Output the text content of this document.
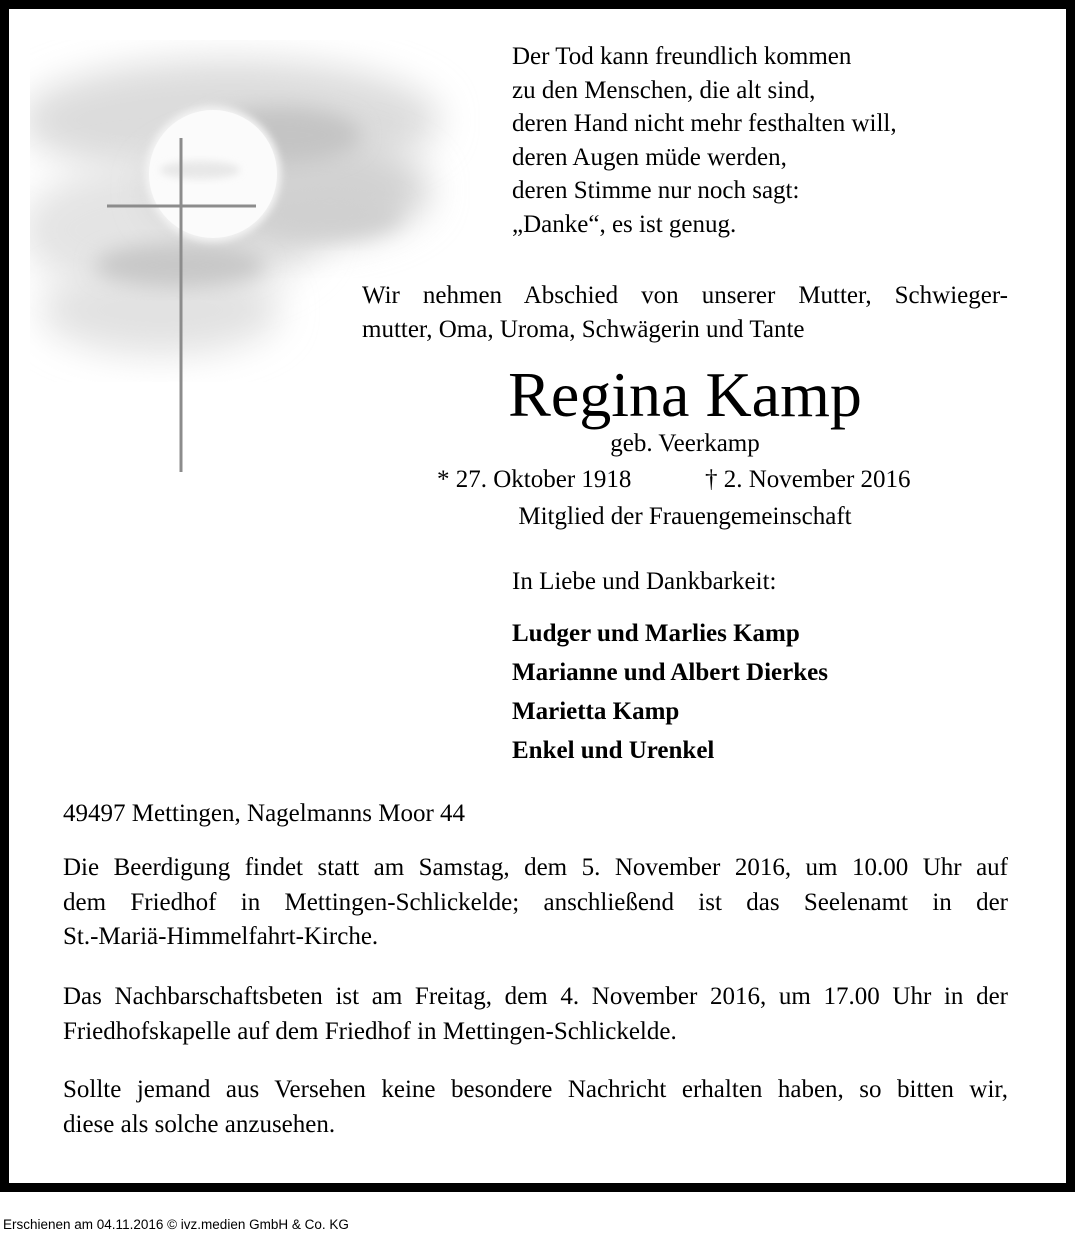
Der Tod kann freundlich kommen
zu den Menschen, die alt sind,
deren Hand nicht mehr festhalten will,
deren Augen müde werden,
deren Stimme nur noch sagt:
„Danke“, es ist genug.
Wir nehmen Abschied von unserer Mutter, Schwieger-
mutter, Oma, Uroma, Schwägerin und Tante
Regina Kamp
geb. Veerkamp
* 27. Oktober 1918	† 2. November 2016
Mitglied der Frauengemeinschaft
In Liebe und Dankbarkeit:
Ludger und Marlies Kamp
Marianne und Albert Dierkes
Marietta Kamp
Enkel und Urenkel
49497 Mettingen, Nagelmanns Moor 44
Die Beerdigung findet statt am Samstag, dem 5. November 2016, um 10.00 Uhr auf
dem Friedhof in Mettingen-Schlickelde; anschließend ist das Seelenamt in der
St.-Mariä-Himmelfahrt-Kirche.
Das Nachbarschaftsbeten ist am Freitag, dem 4. November 2016, um 17.00 Uhr in der
Friedhofskapelle auf dem Friedhof in Mettingen-Schlickelde.
Sollte jemand aus Versehen keine besondere Nachricht erhalten haben, so bitten wir,
diese als solche anzusehen.
Erschienen am 04.11.2016 © ivz.medien GmbH & Co. KG
